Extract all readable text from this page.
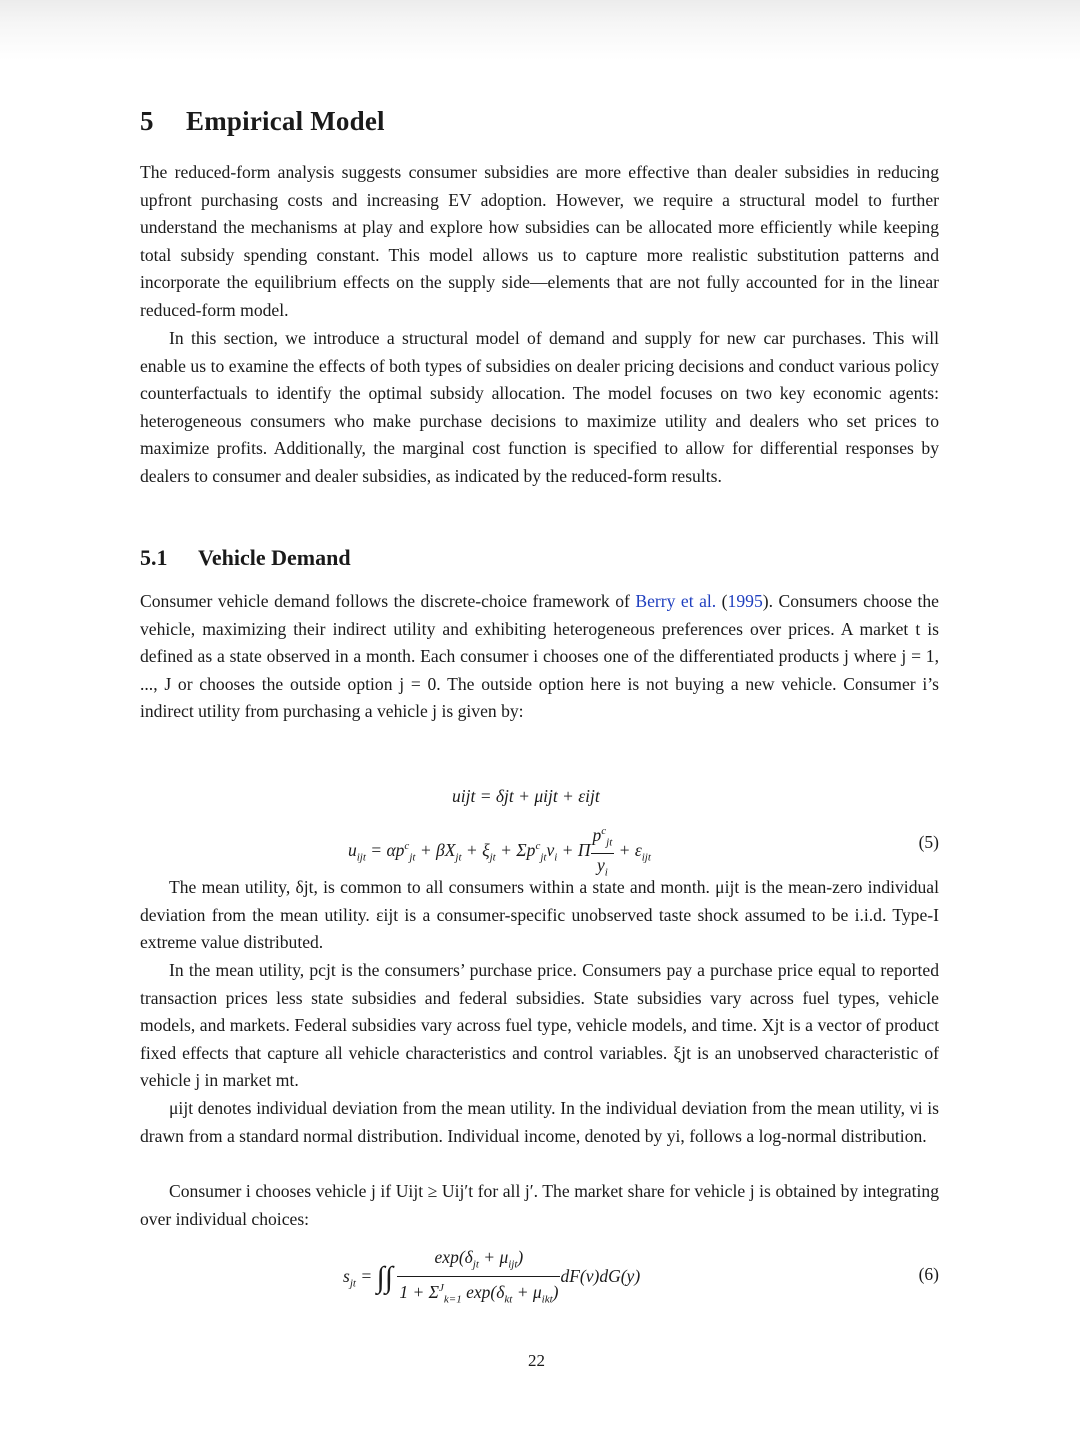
5 Empirical Model

The reduced-form analysis suggests consumer subsidies are more effective than dealer subsidies in reducing upfront purchasing costs and increasing EV adoption. However, we require a structural model to further understand the mechanisms at play and explore how subsidies can be allocated more efficiently while keeping total subsidy spending constant. This model allows us to capture more realistic substitution patterns and incorporate the equilibrium effects on the supply side—elements that are not fully accounted for in the linear reduced-form model.

In this section, we introduce a structural model of demand and supply for new car purchases. This will enable us to examine the effects of both types of subsidies on dealer pricing decisions and conduct various policy counterfactuals to identify the optimal subsidy allocation. The model focuses on two key economic agents: heterogeneous consumers who make purchase decisions to maximize utility and dealers who set prices to maximize profits. Additionally, the marginal cost function is specified to allow for differential responses by dealers to consumer and dealer subsidies, as indicated by the reduced-form results.

5.1 Vehicle Demand

Consumer vehicle demand follows the discrete-choice framework of Berry et al. (1995). Consumers choose the vehicle, maximizing their indirect utility and exhibiting heterogeneous preferences over prices. A market t is defined as a state observed in a month. Each consumer i chooses one of the differentiated products j where j = 1, ..., J or chooses the outside option j = 0. The outside option here is not buying a new vehicle. Consumer i’s indirect utility from purchasing a vehicle j is given by:

uijt = δjt + μijt + εijt
$u_{ijt} = \alpha p^c_{jt} + \beta X_{jt} + \xi_{jt} + \Sigma p^c_{jt}\nu_i + \Pi \frac{p^c_{jt}}{y_i} + \varepsilon_{ijt}$
(5)

The mean utility, δjt, is common to all consumers within a state and month. μijt is the mean-zero individual deviation from the mean utility. εijt is a consumer-specific unobserved taste shock assumed to be i.i.d. Type-I extreme value distributed.

In the mean utility, pcjt is the consumers’ purchase price. Consumers pay a purchase price equal to reported transaction prices less state subsidies and federal subsidies. State subsidies vary across fuel types, vehicle models, and markets. Federal subsidies vary across fuel type, vehicle models, and time. Xjt is a vector of product fixed effects that capture all vehicle characteristics and control variables. ξjt is an unobserved characteristic of vehicle j in market mt.

μijt denotes individual deviation from the mean utility. In the individual deviation from the mean utility, νi is drawn from a standard normal distribution. Individual income, denoted by yi, follows a log-normal distribution.

Consumer i chooses vehicle j if Uijt ≥ Uij′t for all j′. The market share for vehicle j is obtained by integrating over individual choices:

$s_{jt}$ = ∫∫ $\frac{\exp(\delta_{jt} + \mu_{ijt})}{1 + \Sigma^J_{k=1} \exp(\delta_{kt} + \mu_{ikt})} dF(\nu)dG(y)$	(6)
22
